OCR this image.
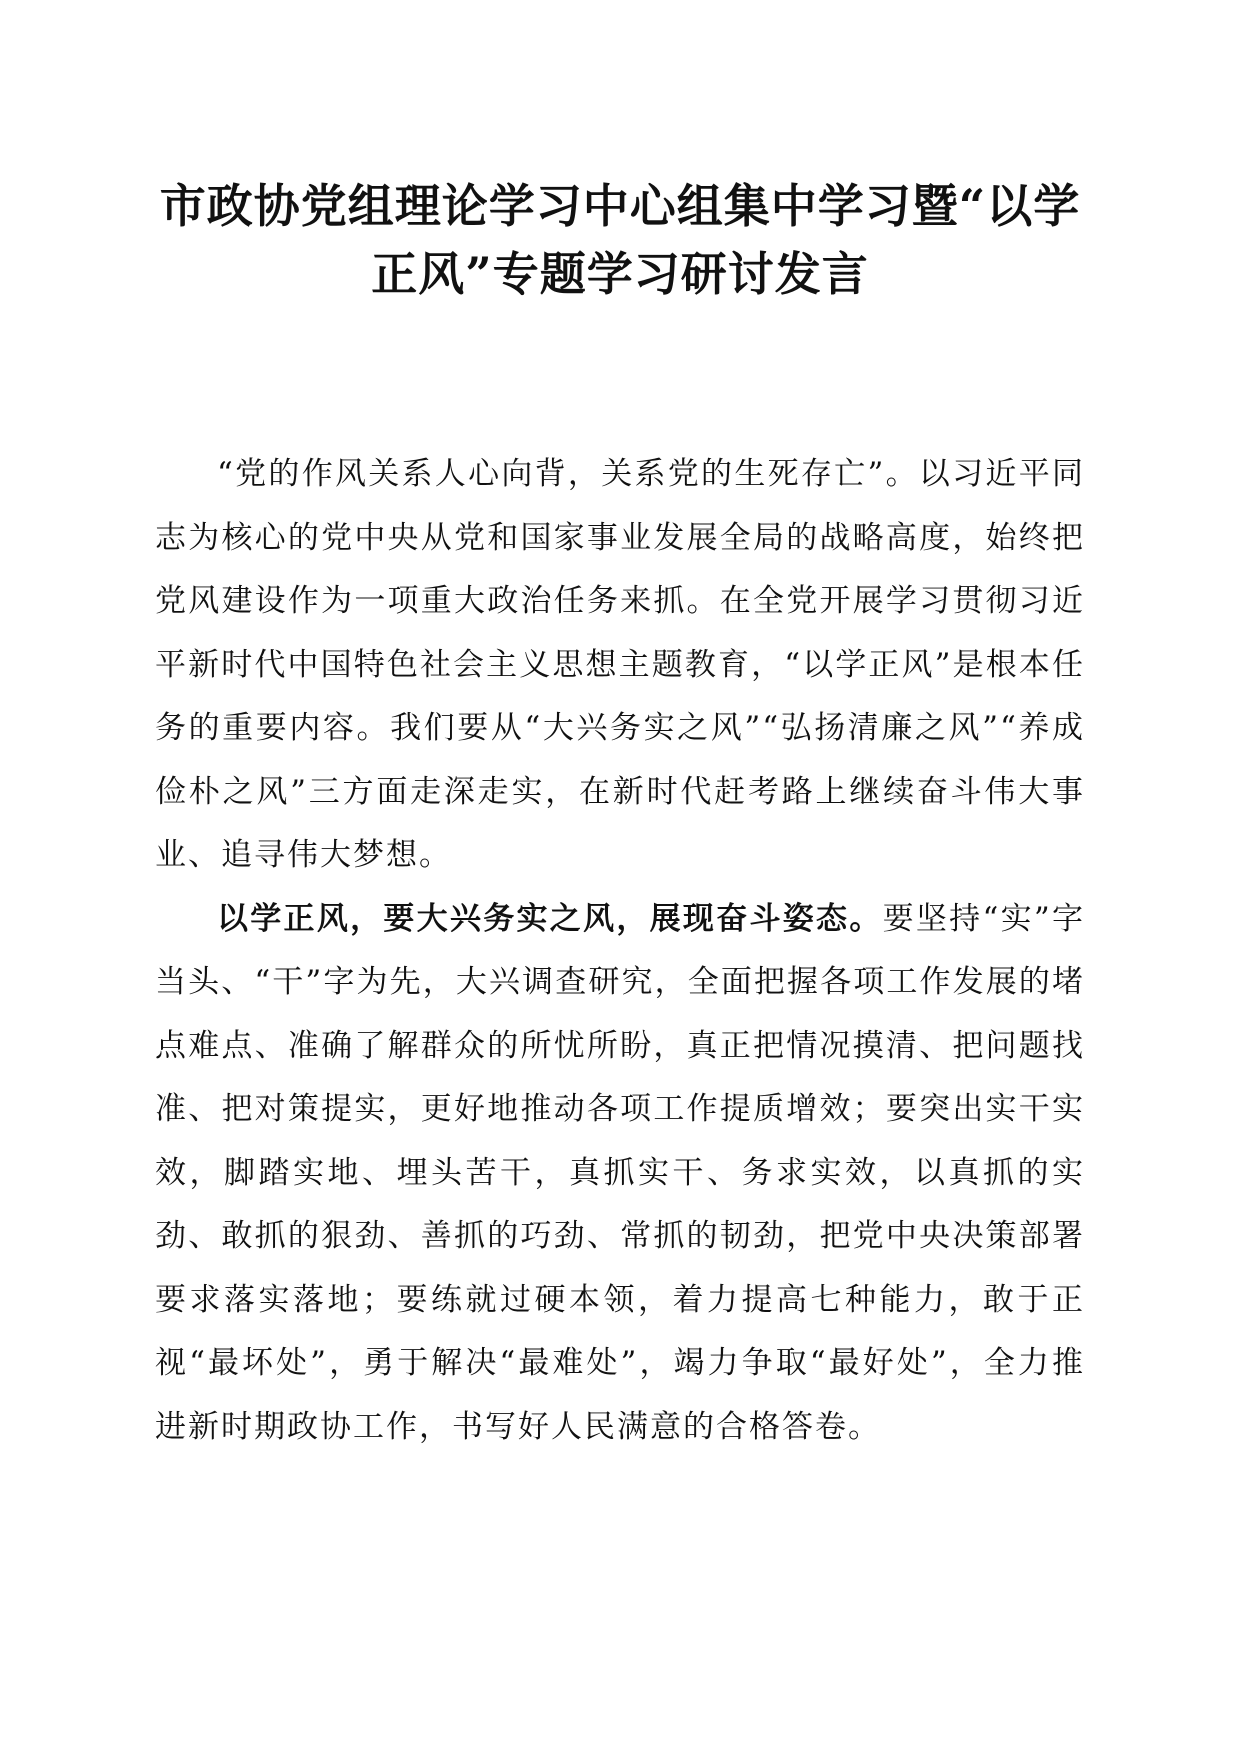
市政协党组理论学习中心组集中学习暨“以学
正风”专题学习研讨发言

“党的作风关系人心向背，关系党的生死存亡”。以习近平同志为核心的党中央从党和国家事业发展全局的战略高度，始终把党风建设作为一项重大政治任务来抓。在全党开展学习贯彻习近平新时代中国特色社会主义思想主题教育，“以学正风”是根本任务的重要内容。我们要从“大兴务实之风”“弘扬清廉之风”“养成俭朴之风”三方面走深走实，在新时代赶考路上继续奋斗伟大事业、追寻伟大梦想。

以学正风，要大兴务实之风，展现奋斗姿态。要坚持“实”字当头、“干”字为先，大兴调查研究，全面把握各项工作发展的堵点难点、准确了解群众的所忧所盼，真正把情况摸清、把问题找准、把对策提实，更好地推动各项工作提质增效；要突出实干实效，脚踏实地、埋头苦干，真抓实干、务求实效，以真抓的实劲、敢抓的狠劲、善抓的巧劲、常抓的韧劲，把党中央决策部署要求落实落地；要练就过硬本领，着力提高七种能力，敢于正视“最坏处”，勇于解决“最难处”，竭力争取“最好处”，全力推进新时期政协工作，书写好人民满意的合格答卷。
